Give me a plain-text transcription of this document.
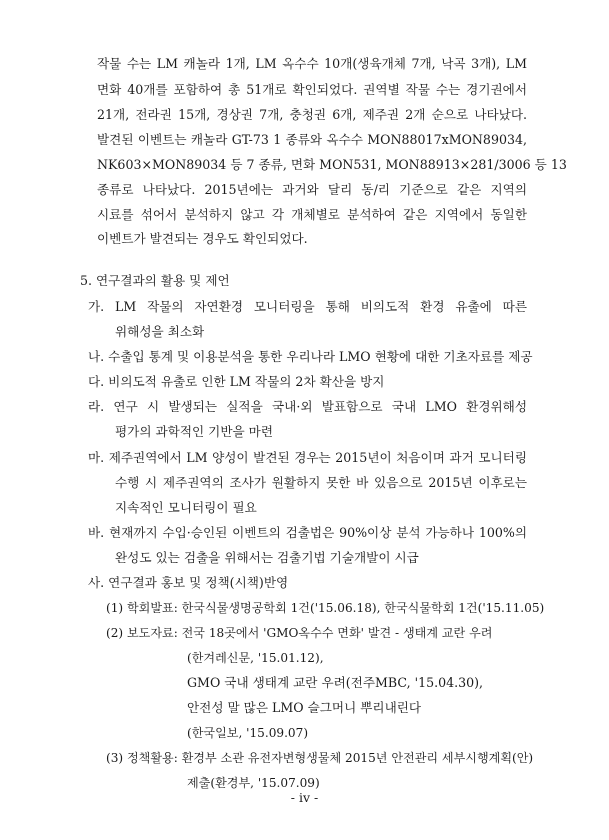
작물 수는 LM 캐놀라 1개, LM 옥수수 10개(생육개체 7개, 낙곡 3개), LM
면화 40개를 포함하여 총 51개로 확인되었다. 권역별 작물 수는 경기권에서
21개, 전라권 15개, 경상권 7개, 충청권 6개, 제주권 2개 순으로 나타났다.
발견된 이벤트는 캐놀라 GT-73 1 종류와 옥수수 MON88017xMON89034,
NK603×MON89034 등 7 종류, 면화 MON531, MON88913×281/3006 등 13
종류로 나타났다. 2015년에는 과거와 달리 동/리 기준으로 같은 지역의
시료를 섞어서 분석하지 않고 각 개체별로 분석하여 같은 지역에서 동일한
이벤트가 발견되는 경우도 확인되었다.
5. 연구결과의 활용 및 제언
가. LM 작물의 자연환경 모니터링을 통해 비의도적 환경 유출에 따른
위해성을 최소화
나. 수출입 통계 및 이용분석을 통한 우리나라 LMO 현황에 대한 기초자료를 제공
다. 비의도적 유출로 인한 LM 작물의 2차 확산을 방지
라. 연구 시 발생되는 실적을 국내·외 발표함으로 국내 LMO 환경위해성
평가의 과학적인 기반을 마련
마. 제주권역에서 LM 양성이 발견된 경우는 2015년이 처음이며 과거 모니터링
수행 시 제주권역의 조사가 원활하지 못한 바 있음으로 2015년 이후로는
지속적인 모니터링이 필요
바. 현재까지 수입·승인된 이벤트의 검출법은 90%이상 분석 가능하나 100%의
완성도 있는 검출을 위해서는 검출기법 기술개발이 시급
사. 연구결과 홍보 및 정책(시책)반영
(1) 학회발표: 한국식물생명공학회 1건('15.06.18), 한국식물학회 1건('15.11.05)
(2) 보도자료: 전국 18곳에서 'GMO옥수수 면화' 발견 - 생태계 교란 우려
(한겨레신문, '15.01.12),
GMO 국내 생태계 교란 우려(전주MBC, '15.04.30),
안전성 말 많은 LMO 슬그머니 뿌리내린다
(한국일보, '15.09.07)
(3) 정책활용: 환경부 소관 유전자변형생물체 2015년 안전관리 세부시행계획(안)
제출(환경부, '15.07.09)
- iv -
